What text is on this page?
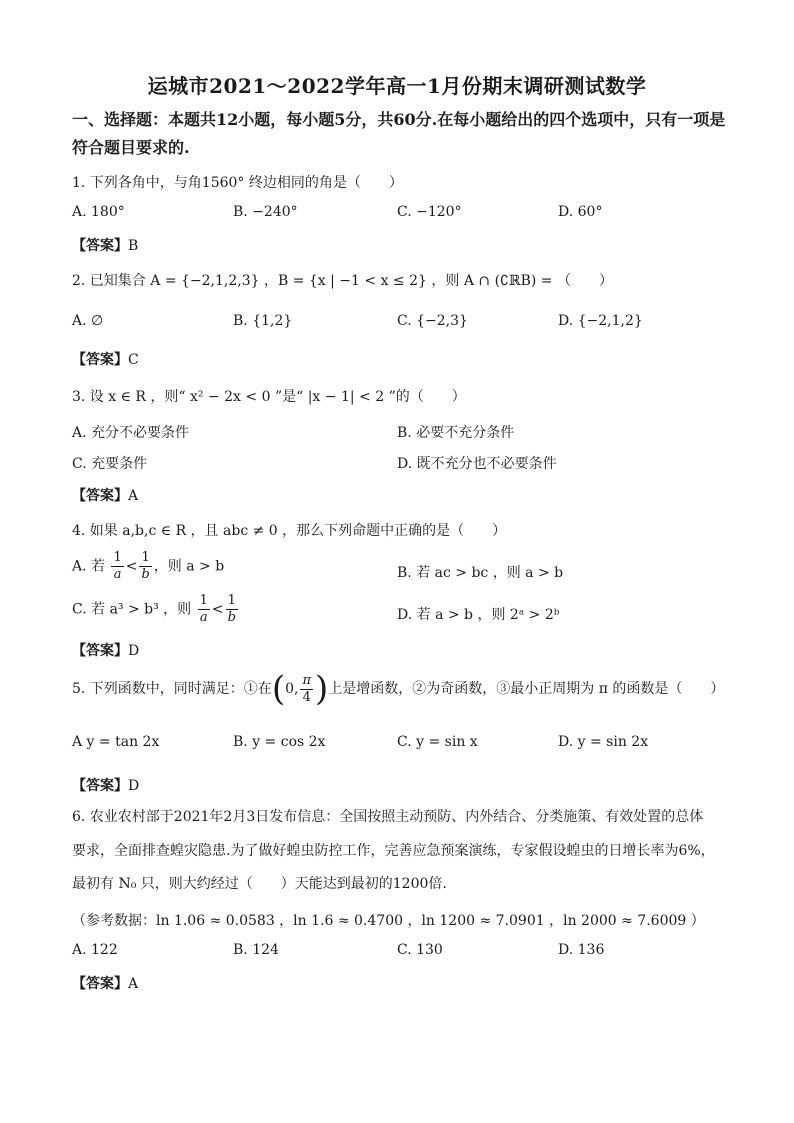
运城市2021～2022学年高一1月份期末调研测试数学
一、选择题：本题共12小题，每小题5分，共60分.在每小题给出的四个选项中，只有一项是符合题目要求的.
1. 下列各角中，与角1560° 终边相同的角是（　　）
A. 180°	B. −240°	C. −120°	D. 60°
【答案】B
2. 已知集合 A = {−2,1,2,3} ，B = {x | −1 < x ≤ 2} ，则 A ∩ (∁ℝB) = （　　）
A. ∅	B. {1,2}	C. {−2,3}	D. {−2,1,2}
【答案】C
3. 设 x ∈ R ，则“ x² − 2x < 0 ”是“ |x − 1| < 2 ”的（　　）
A. 充分不必要条件	B. 必要不充分条件
C. 充要条件	D. 既不充分也不必要条件
【答案】A
4. 如果 a,b,c ∈ R ，且 abc ≠ 0 ，那么下列命题中正确的是（　　）
A. 若 $\frac{1}{a} < \frac{1}{b}$ ，则 a > b	B. 若 ac > bc ，则 a > b
C. 若 a³ > b³ ，则 $\frac{1}{a} < \frac{1}{b}$	D. 若 a > b ，则 2ᵃ > 2ᵇ
【答案】D
5. 下列函数中，同时满足：①在(0, $\frac{\pi}{4}$ )上是增函数，②为奇函数，③最小正周期为 π 的函数是（　　）
A y = tan 2x	B. y = cos 2x	C. y = sin x	D. y = sin 2x
【答案】D
6. 农业农村部于2021年2月3日发布信息：全国按照主动预防、内外结合、分类施策、有效处置的总体
要求，全面排查蝗灾隐患.为了做好蝗虫防控工作，完善应急预案演练，专家假设蝗虫的日增长率为6%，
最初有 N₀ 只，则大约经过（　　）天能达到最初的1200倍.
（参考数据：ln 1.06 ≈ 0.0583 ，ln 1.6 ≈ 0.4700 ，ln 1200 ≈ 7.0901 ，ln 2000 ≈ 7.6009 ）
A. 122	B. 124	C. 130	D. 136
【答案】A
